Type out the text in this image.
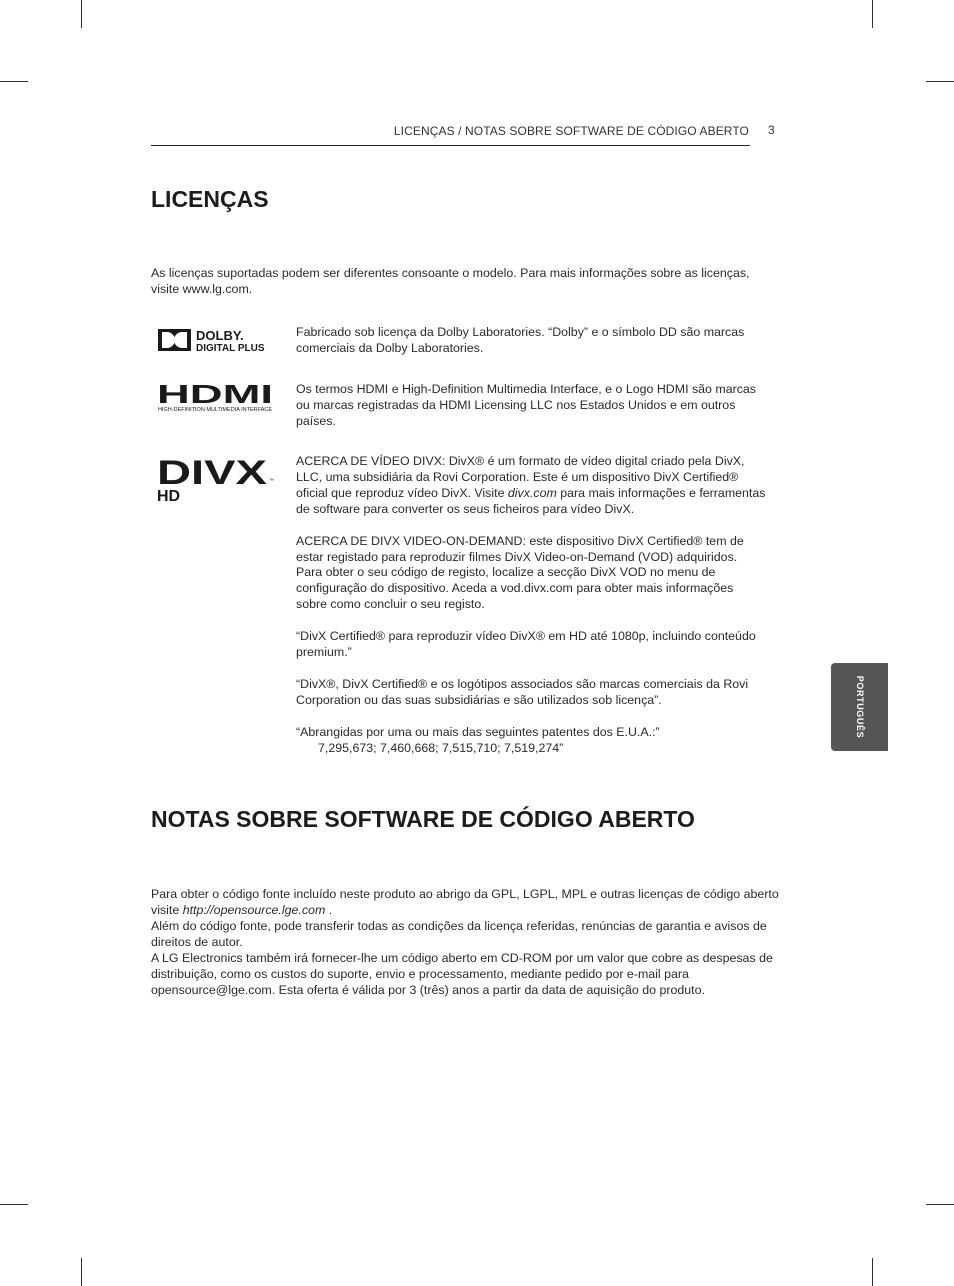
LICENÇAS / NOTAS SOBRE SOFTWARE DE CÓDIGO ABERTO 3
PORTUGUÊS
LICENÇAS
As licenças suportadas podem ser diferentes consoante o modelo. Para mais informações sobre as licenças, visite www.lg.com.
DOLBY.
DIGITAL PLUS
Fabricado sob licença da Dolby Laboratories. “Dolby” e o símbolo DD são marcas comerciais da Dolby Laboratories.
HDMI
HIGH-DEFINITION MULTIMEDIA INTERFACE
Os termos HDMI e High-Definition Multimedia Interface, e o Logo HDMI são marcas ou marcas registradas da HDMI Licensing LLC nos Estados Unidos e em outros países.
DIVX ™
HD

ACERCA DE VÍDEO DIVX: DivX® é um formato de vídeo digital criado pela DivX, LLC, uma subsidiária da Rovi Corporation. Este é um dispositivo DivX Certified® oficial que reproduz vídeo DivX. Visite divx.com para mais informações e ferramentas de software para converter os seus ficheiros para vídeo DivX.

ACERCA DE DIVX VIDEO-ON-DEMAND: este dispositivo DivX Certified® tem de estar registado para reproduzir filmes DivX Video-on-Demand (VOD) adquiridos. Para obter o seu código de registo, localize a secção DivX VOD no menu de configuração do dispositivo. Aceda a vod.divx.com para obter mais informações sobre como concluir o seu registo.

“DivX Certified® para reproduzir vídeo DivX® em HD até 1080p, incluindo conteúdo premium.”

“DivX®, DivX Certified® e os logótipos associados são marcas comerciais da Rovi Corporation ou das suas subsidiárias e são utilizados sob licença”.

“Abrangidas por uma ou mais das seguintes patentes dos E.U.A.:”
7,295,673; 7,460,668; 7,515,710; 7,519,274”

NOTAS SOBRE SOFTWARE DE CÓDIGO ABERTO

Para obter o código fonte incluído neste produto ao abrigo da GPL, LGPL, MPL e outras licenças de código aberto visite http://opensource.lge.com .

Além do código fonte, pode transferir todas as condições da licença referidas, renúncias de garantia e avisos de direitos de autor.

A LG Electronics também irá fornecer-lhe um código aberto em CD-ROM por um valor que cobre as despesas de distribuição, como os custos do suporte, envio e processamento, mediante pedido por e-mail para opensource@lge.com. Esta oferta é válida por 3 (três) anos a partir da data de aquisição do produto.
